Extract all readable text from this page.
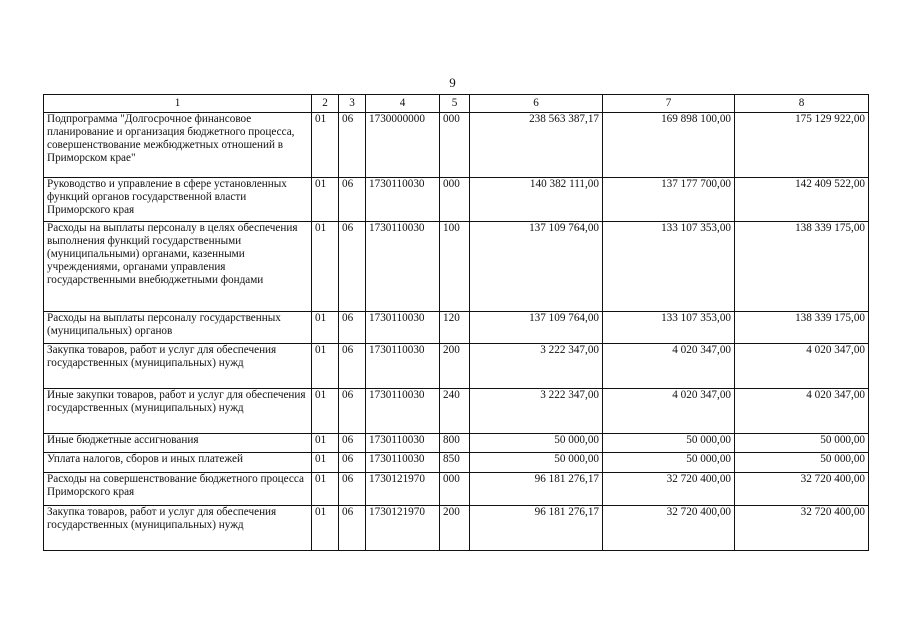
9
1	2	3	4	5	6	7	8
Подпрограмма "Долгосрочное финансовое планирование и организация бюджетного процесса, совершенствование межбюджетных отношений в Приморском крае"	01	06	1730000000	000	238 563 387,17	169 898 100,00	175 129 922,00
Руководство и управление в сфере установленных функций органов государственной власти Приморского края	01	06	1730110030	000	140 382 111,00	137 177 700,00	142 409 522,00
Расходы на выплаты персоналу в целях обеспечения выполнения функций государственными (муниципальными) органами, казенными учреждениями, органами управления государственными внебюджетными фондами	01	06	1730110030	100	137 109 764,00	133 107 353,00	138 339 175,00
Расходы на выплаты персоналу государственных (муниципальных) органов	01	06	1730110030	120	137 109 764,00	133 107 353,00	138 339 175,00
Закупка товаров, работ и услуг для обеспечения государственных (муниципальных) нужд	01	06	1730110030	200	3 222 347,00	4 020 347,00	4 020 347,00
Иные закупки товаров, работ и услуг для обеспечения государственных (муниципальных) нужд	01	06	1730110030	240	3 222 347,00	4 020 347,00	4 020 347,00
Иные бюджетные ассигнования	01	06	1730110030	800	50 000,00	50 000,00	50 000,00
Уплата налогов, сборов и иных платежей	01	06	1730110030	850	50 000,00	50 000,00	50 000,00
Расходы на совершенствование бюджетного процесса Приморского края	01	06	1730121970	000	96 181 276,17	32 720 400,00	32 720 400,00
Закупка товаров, работ и услуг для обеспечения государственных (муниципальных) нужд	01	06	1730121970	200	96 181 276,17	32 720 400,00	32 720 400,00
